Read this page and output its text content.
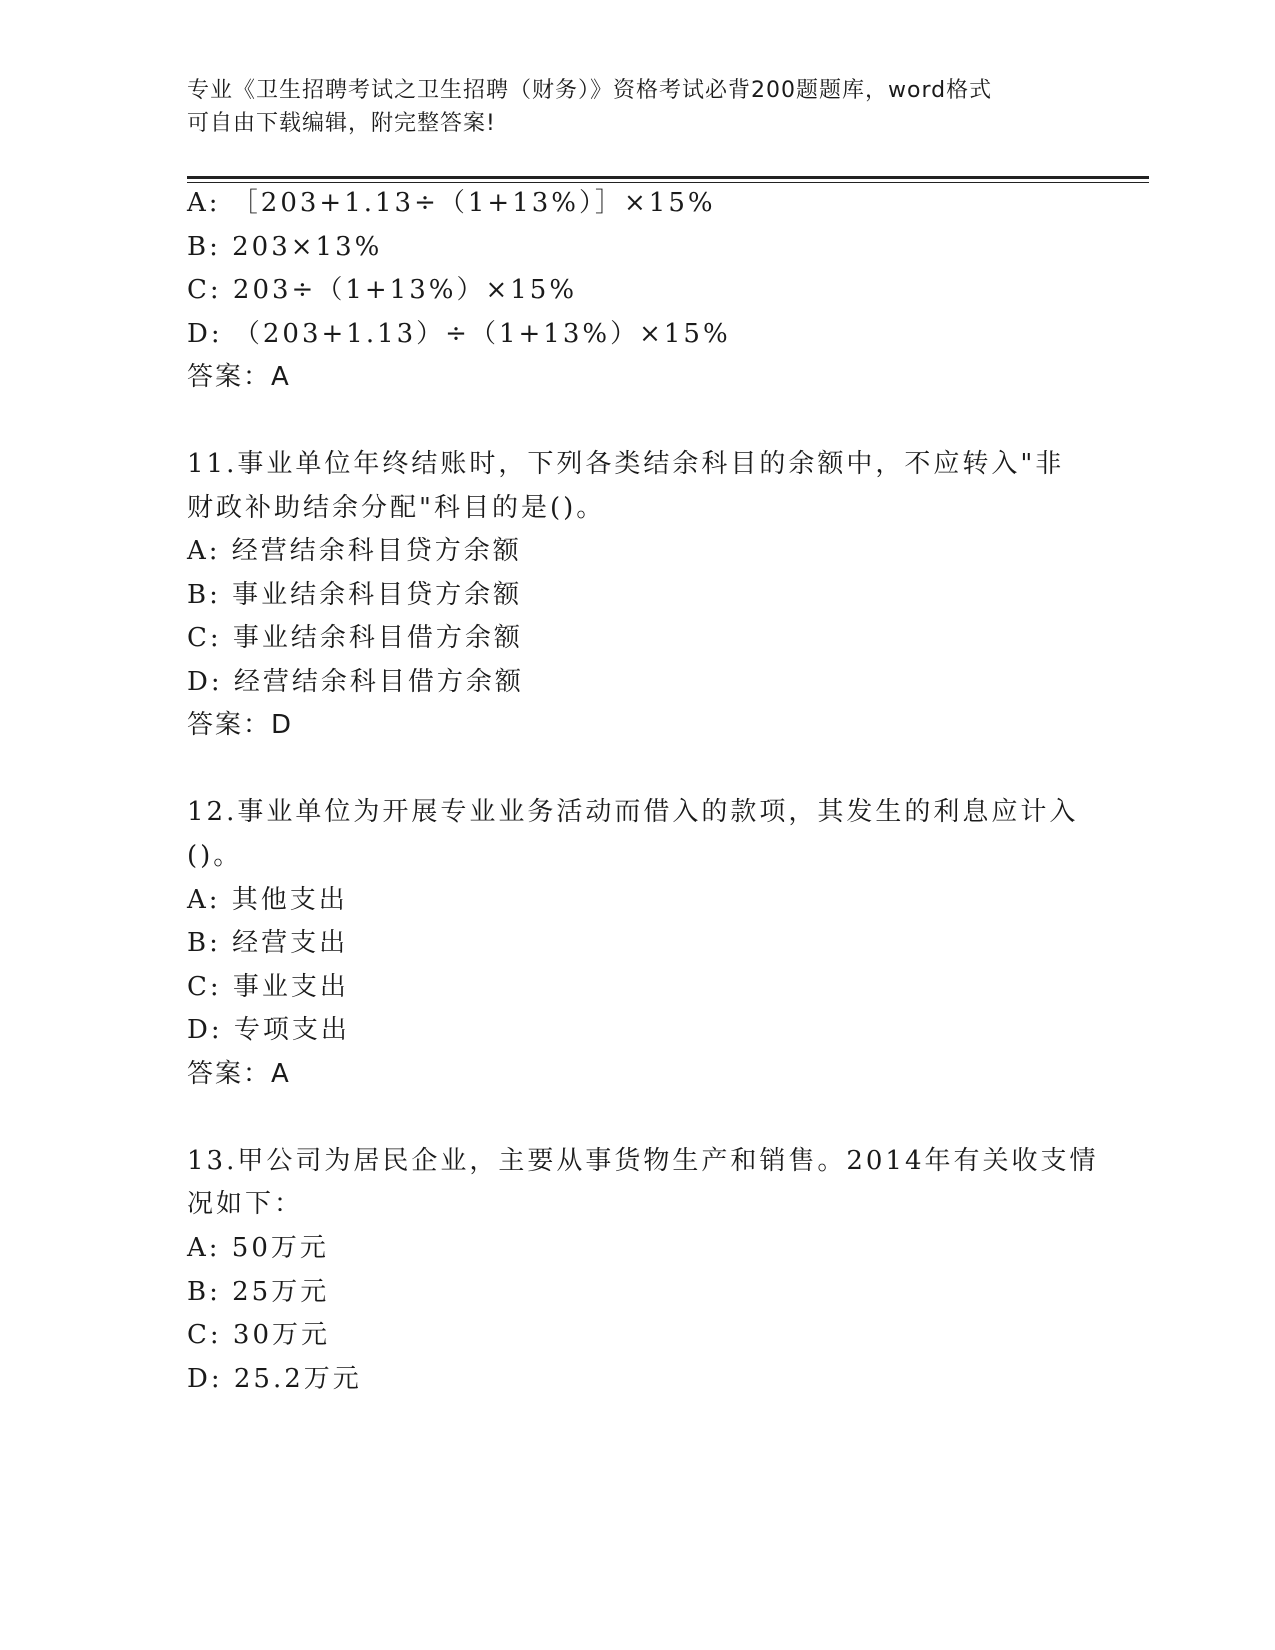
专业《卫生招聘考试之卫生招聘（财务）》资格考试必背200题题库，word格式
可自由下载编辑，附完整答案!
A: ［203+1.13÷（1+13%）］×15%
B: 203×13%
C: 203÷（1+13%）×15%
D: （203+1.13）÷（1+13%）×15%
答案：A
11.事业单位年终结账时，下列各类结余科目的余额中，不应转入"非
财政补助结余分配"科目的是()。
A: 经营结余科目贷方余额
B: 事业结余科目贷方余额
C: 事业结余科目借方余额
D: 经营结余科目借方余额
答案：D
12.事业单位为开展专业业务活动而借入的款项，其发生的利息应计入
()。
A: 其他支出
B: 经营支出
C: 事业支出
D: 专项支出
答案：A
13.甲公司为居民企业，主要从事货物生产和销售。2014年有关收支情
况如下：
A: 50万元
B: 25万元
C: 30万元
D: 25.2万元
